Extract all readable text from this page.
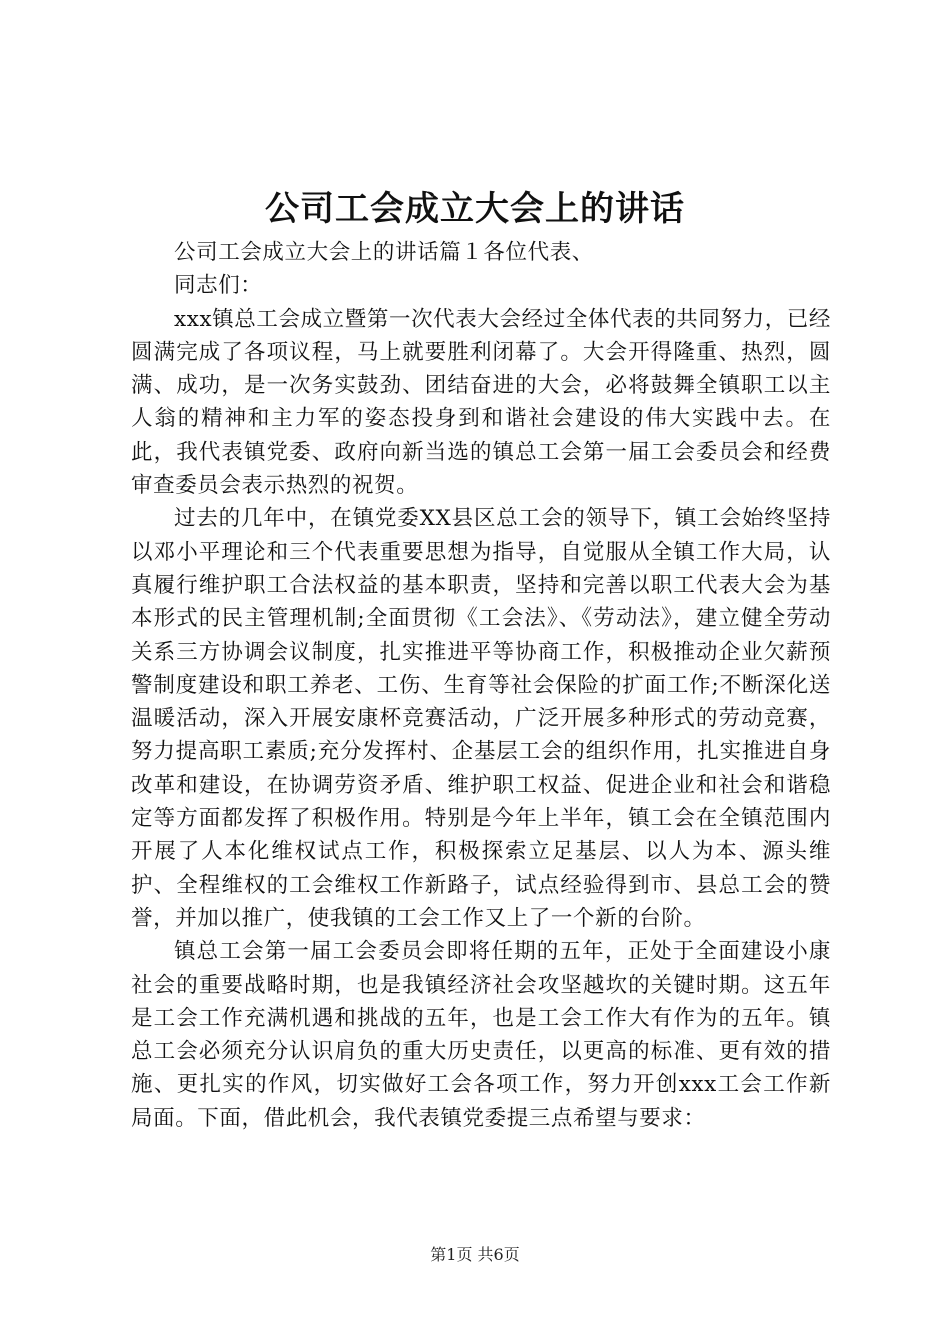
公司工会成立大会上的讲话

公司工会成立大会上的讲话篇１各位代表、

同志们：

xxx镇总工会成立暨第一次代表大会经过全体代表的共同努力，已经圆满完成了各项议程，马上就要胜利闭幕了。大会开得隆重、热烈，圆满、成功，是一次务实鼓劲、团结奋进的大会，必将鼓舞全镇职工以主人翁的精神和主力军的姿态投身到和谐社会建设的伟大实践中去。在此，我代表镇党委、政府向新当选的镇总工会第一届工会委员会和经费审查委员会表示热烈的祝贺。

过去的几年中，在镇党委XX县区总工会的领导下，镇工会始终坚持以邓小平理论和三个代表重要思想为指导，自觉服从全镇工作大局，认真履行维护职工合法权益的基本职责，坚持和完善以职工代表大会为基本形式的民主管理机制;全面贯彻《工会法》、《劳动法》，建立健全劳动关系三方协调会议制度，扎实推进平等协商工作，积极推动企业欠薪预警制度建设和职工养老、工伤、生育等社会保险的扩面工作;不断深化送温暖活动，深入开展安康杯竞赛活动，广泛开展多种形式的劳动竞赛，努力提高职工素质;充分发挥村、企基层工会的组织作用，扎实推进自身改革和建设，在协调劳资矛盾、维护职工权益、促进企业和社会和谐稳定等方面都发挥了积极作用。特别是今年上半年，镇工会在全镇范围内开展了人本化维权试点工作，积极探索立足基层、以人为本、源头维护、全程维权的工会维权工作新路子，试点经验得到市、县总工会的赞誉，并加以推广，使我镇的工会工作又上了一个新的台阶。

镇总工会第一届工会委员会即将任期的五年，正处于全面建设小康社会的重要战略时期，也是我镇经济社会攻坚越坎的关键时期。这五年是工会工作充满机遇和挑战的五年，也是工会工作大有作为的五年。镇总工会必须充分认识肩负的重大历史责任，以更高的标准、更有效的措施、更扎实的作风，切实做好工会各项工作，努力开创xxx工会工作新局面。下面，借此机会，我代表镇党委提三点希望与要求：

第1页 共6页
